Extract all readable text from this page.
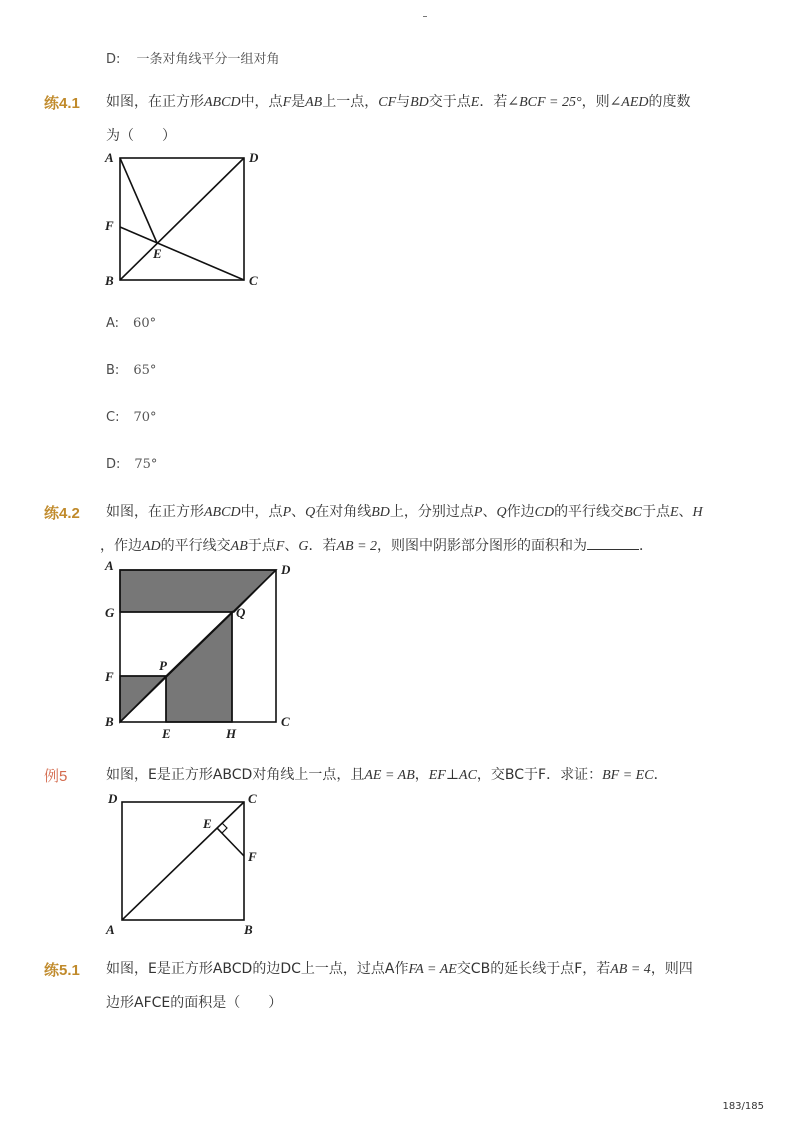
D: 一条对角线平分一组对角
练4.1 如图，在正方形ABCD中，点F是AB上一点，CF与BD交于点E．若∠BCF = 25°，则∠AED的度数
为（　　）
A	D
F
E
B	C
A: 60°
B: 65°
C: 70°
D: 75°
练4.2 如图，在正方形ABCD中，点P、Q在对角线BD上，分别过点P、Q作边CD的平行线交BC于点E、H
，作边AD的平行线交AB于点F、G．若AB = 2，则图中阴影部分图形的面积和为	．
A	D
G	Q
F
P
B	C
E	H
例5	如图，E是正方形ABCD对角线上一点，且AE = AB，EF⊥AC，交BC于F．求证：BF = EC．
D	C
E
F
A	B
练5.1 如图，E是正方形ABCD的边DC上一点，过点A作FA = AE交CB的延长线于点F，若AB = 4，则四
边形AFCE的面积是（　　）
183/185
